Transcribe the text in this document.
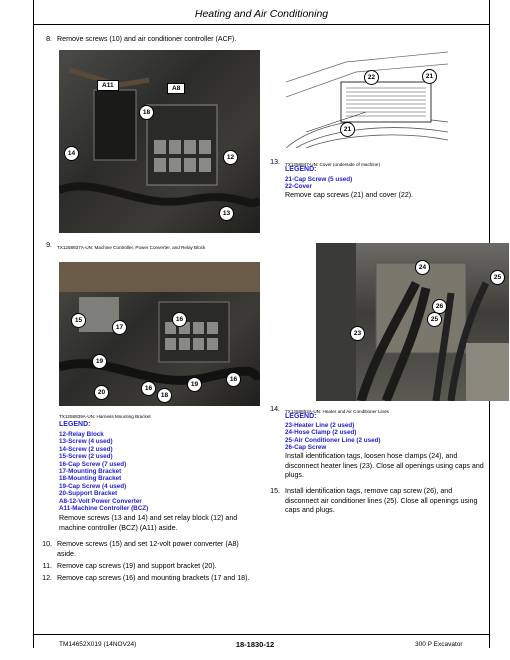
Heating and Air Conditioning
8. Remove screws (10) and air conditioner controller (ACF).
A11	A8
18
14
12
13
9. TX1258837A-UN: Machine Controller, Power Converter, and Relay Block
15
17
16
19
20
16
18
19
16
TX1258839A-UN: Harness Mounting Bracket
LEGEND:
12-Relay Block
13-Screw (4 used)
14-Screw (2 used)
15-Screw (2 used)
16-Cap Screw (7 used)
17-Mounting Bracket
18-Mounting Bracket
19-Cap Screw (4 used)
20-Support Bracket
A8-12-Volt Power Converter
A11-Machine Controller (BCZ)
Remove screws (13 and 14) and set relay block (12) and
machine controller (BCZ) (A11) aside.
10. Remove screws (15) and set 12-volt power converter (A8)
aside.
11. Remove cap screws (19) and support bracket (20).
12. Remove cap screws (16) and mounting brackets (17 and 18).
22	21
21
13. TX1258847-UN: Cover (underside of machine)
LEGEND:
21-Cap Screw (5 used)
22-Cover
Remove cap screws (21) and cover (22).
24
25
26
25
23
14. TX1258852A-UN: Heater and Air Conditioner Lines
LEGEND:
23-Heater Line (2 used)
24-Hose Clamp (2 used)
25-Air Conditioner Line (2 used)
26-Cap Screw
Install identification tags, loosen hose clamps (24), and
disconnect heater lines (23). Close all openings using caps and
plugs.
15. Install identification tags, remove cap screw (26), and
disconnect air conditioner lines (25). Close all openings using
caps and plugs.
TM14652X019 (14NOV24)	18-1830-12	300 P Excavator
